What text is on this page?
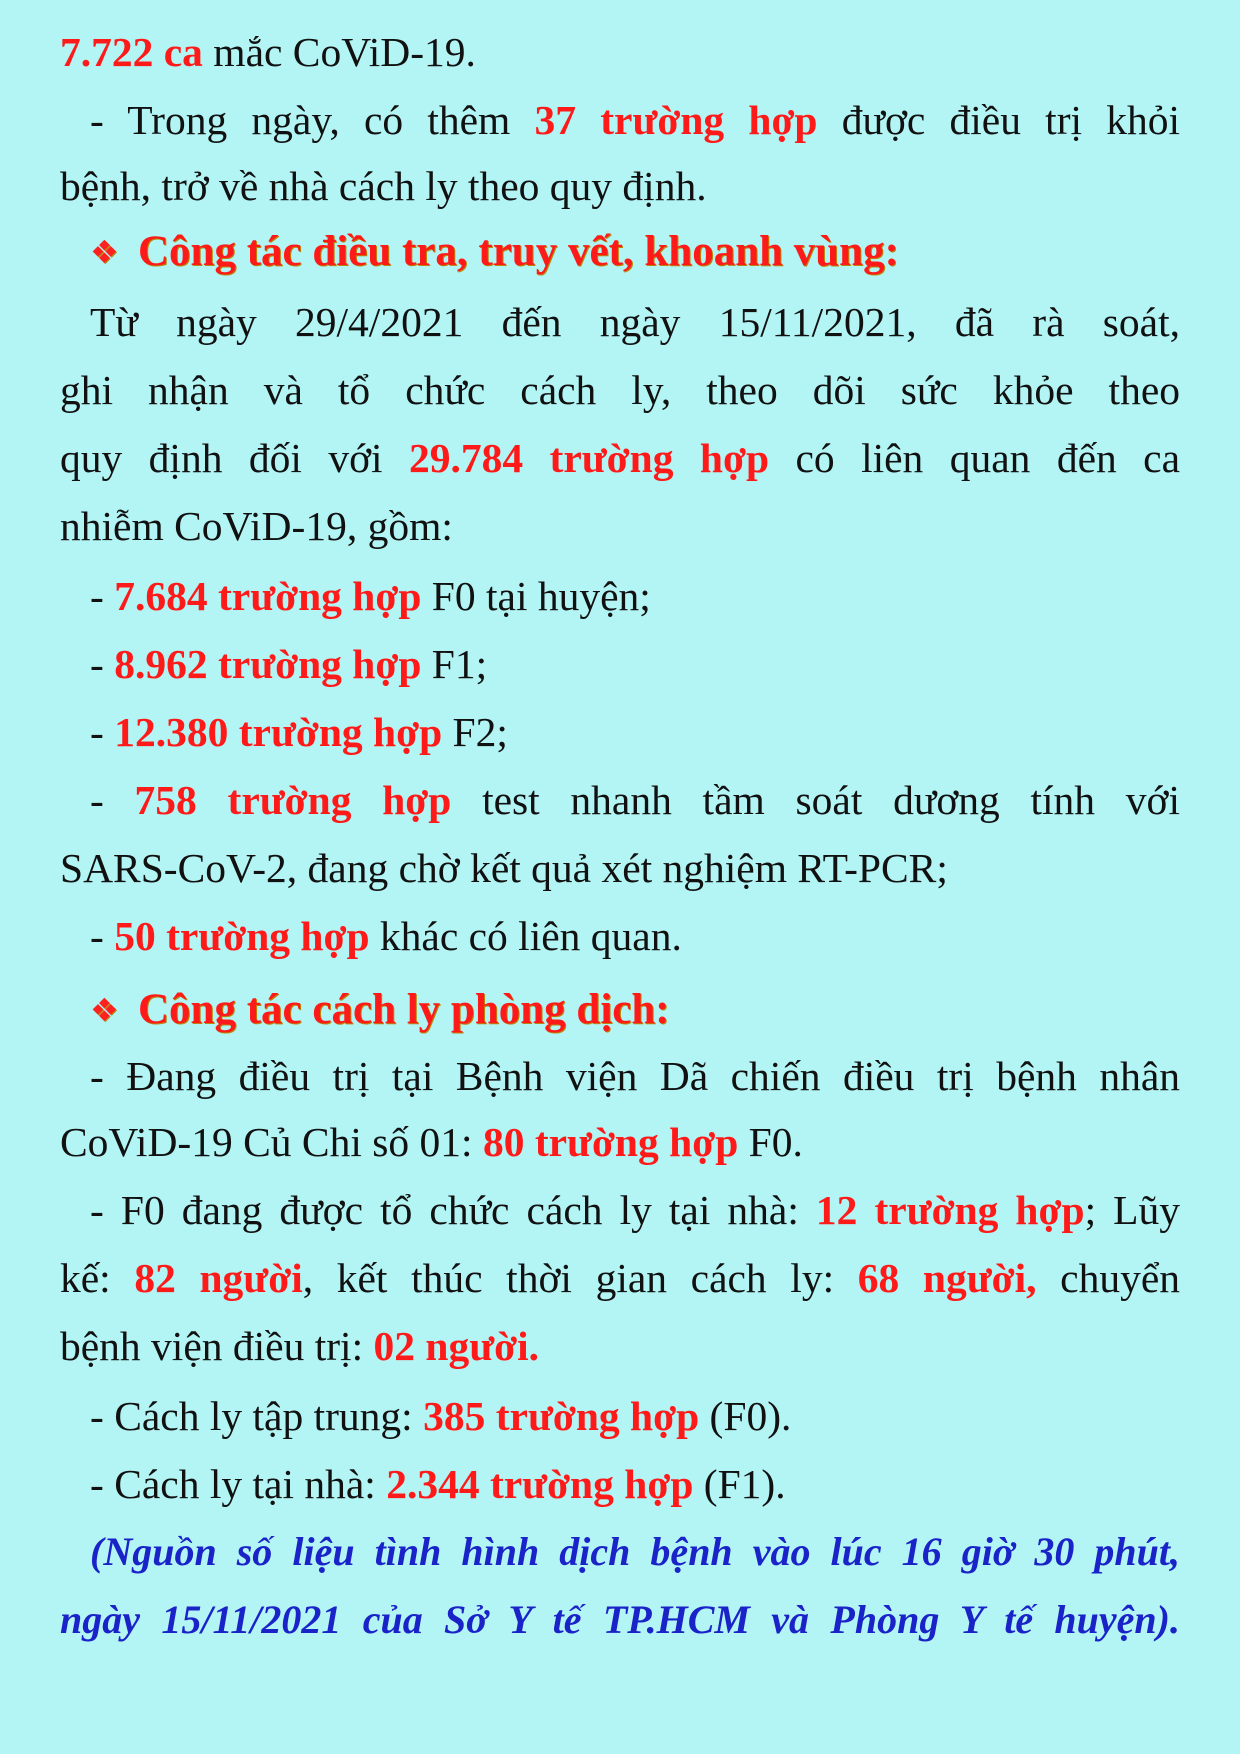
7.722 ca mắc CoViD-19.
- Trong ngày, có thêm 37 trường hợp được điều trị khỏi
bệnh, trở về nhà cách ly theo quy định.
❖ Công tác điều tra, truy vết, khoanh vùng:
Từ ngày 29/4/2021 đến ngày 15/11/2021, đã rà soát,
ghi nhận và tổ chức cách ly, theo dõi sức khỏe theo
quy định đối với 29.784 trường hợp có liên quan đến ca
nhiễm CoViD-19, gồm:
- 7.684 trường hợp F0 tại huyện;
- 8.962 trường hợp F1;
- 12.380 trường hợp F2;
- 758 trường hợp test nhanh tầm soát dương tính với
SARS-CoV-2, đang chờ kết quả xét nghiệm RT-PCR;
- 50 trường hợp khác có liên quan.
❖ Công tác cách ly phòng dịch:
- Đang điều trị tại Bệnh viện Dã chiến điều trị bệnh nhân
CoViD-19 Củ Chi số 01: 80 trường hợp F0.
- F0 đang được tổ chức cách ly tại nhà: 12 trường hợp; Lũy
kế: 82 người, kết thúc thời gian cách ly: 68 người, chuyển
bệnh viện điều trị: 02 người.
- Cách ly tập trung: 385 trường hợp (F0).
- Cách ly tại nhà: 2.344 trường hợp (F1).
(Nguồn số liệu tình hình dịch bệnh vào lúc 16 giờ 30 phút,
ngày 15/11/2021 của Sở Y tế TP.HCM và Phòng Y tế huyện).
